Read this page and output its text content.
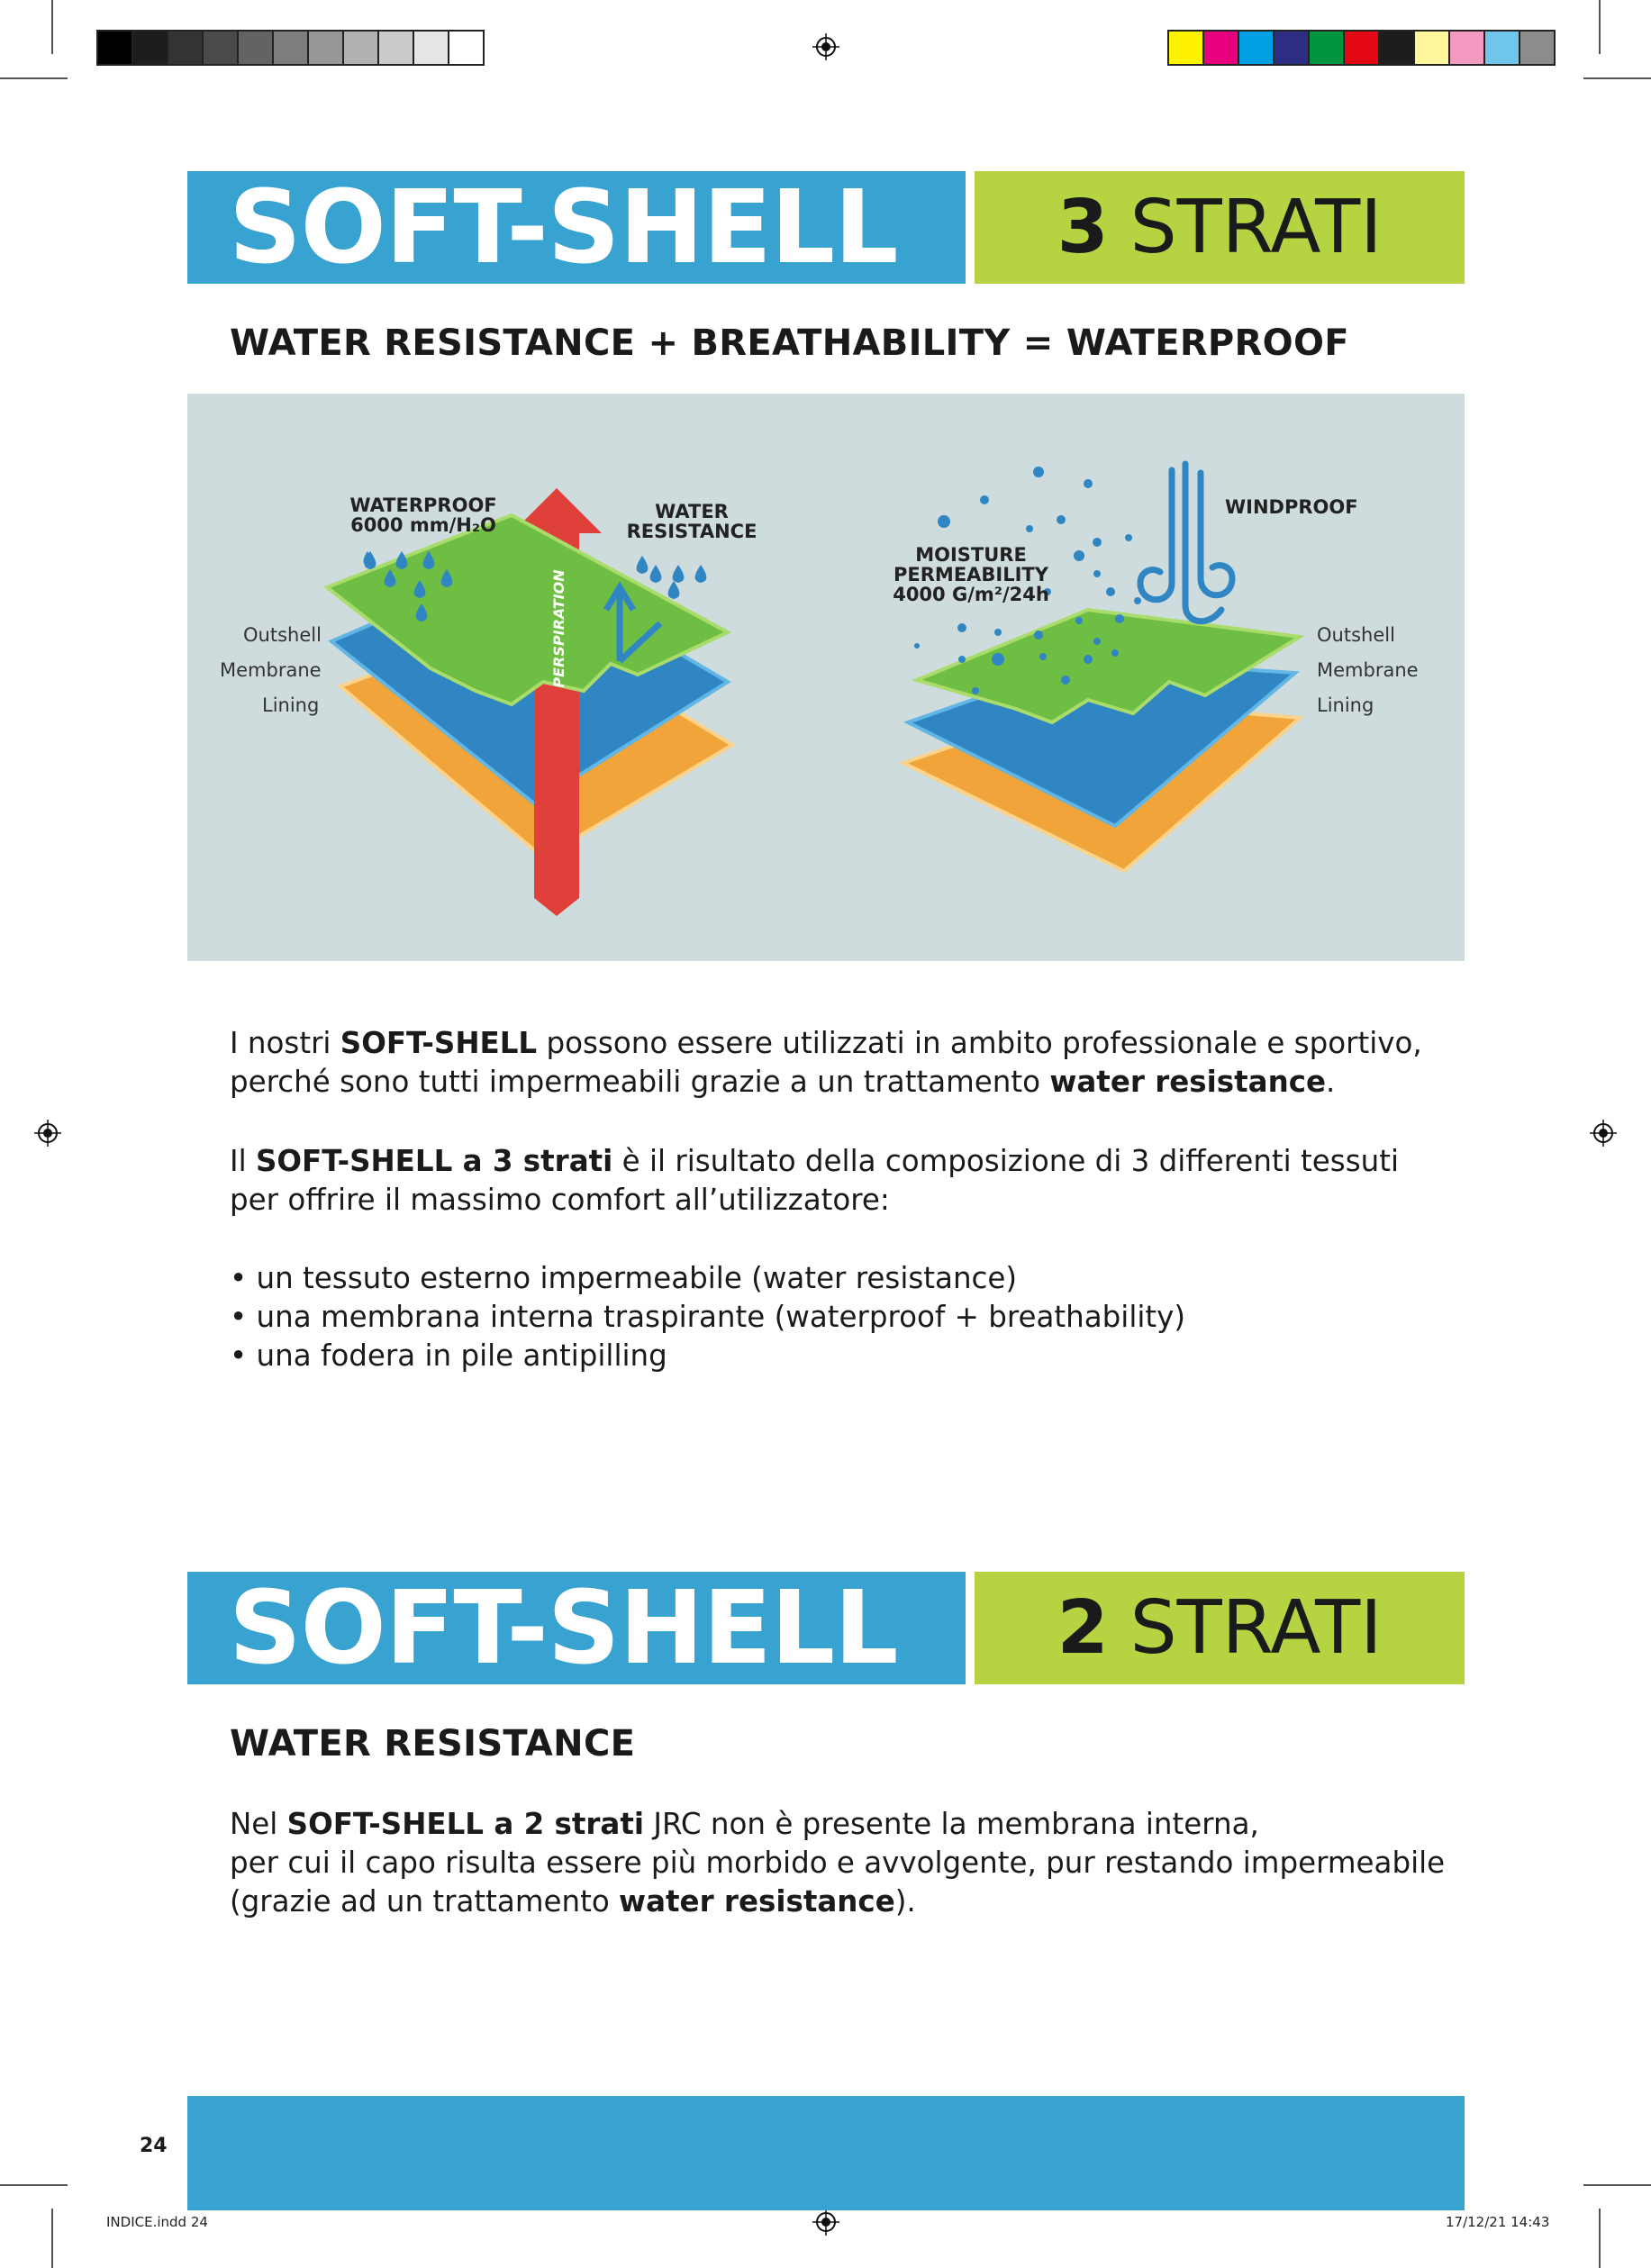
SOFT-SHELL 3 STRATI
WATER RESISTANCE + BREATHABILITY = WATERPROOF
WATERPROOF
6000 mm/H₂O
WATER
RESISTANCE
PERSPIRATION
Outshell
Membrane
Lining
WINDPROOF
MOISTURE
PERMEABILITY
4000 G/m²/24h
Outshell
Membrane
Lining
I nostri SOFT-SHELL possono essere utilizzati in ambito professionale e sportivo,
perché sono tutti impermeabili grazie a un trattamento water resistance.
Il SOFT-SHELL a 3 strati è il risultato della composizione di 3 differenti tessuti
per offrire il massimo comfort all’utilizzatore:
• un tessuto esterno impermeabile (water resistance)
• una membrana interna traspirante (waterproof + breathability)
• una fodera in pile antipilling
SOFT-SHELL 2 STRATI
WATER RESISTANCE
Nel SOFT-SHELL a 2 strati JRC non è presente la membrana interna,
per cui il capo risulta essere più morbido e avvolgente, pur restando impermeabile
(grazie ad un trattamento water resistance).
24
INDICE.indd 24	17/12/21 14:43
